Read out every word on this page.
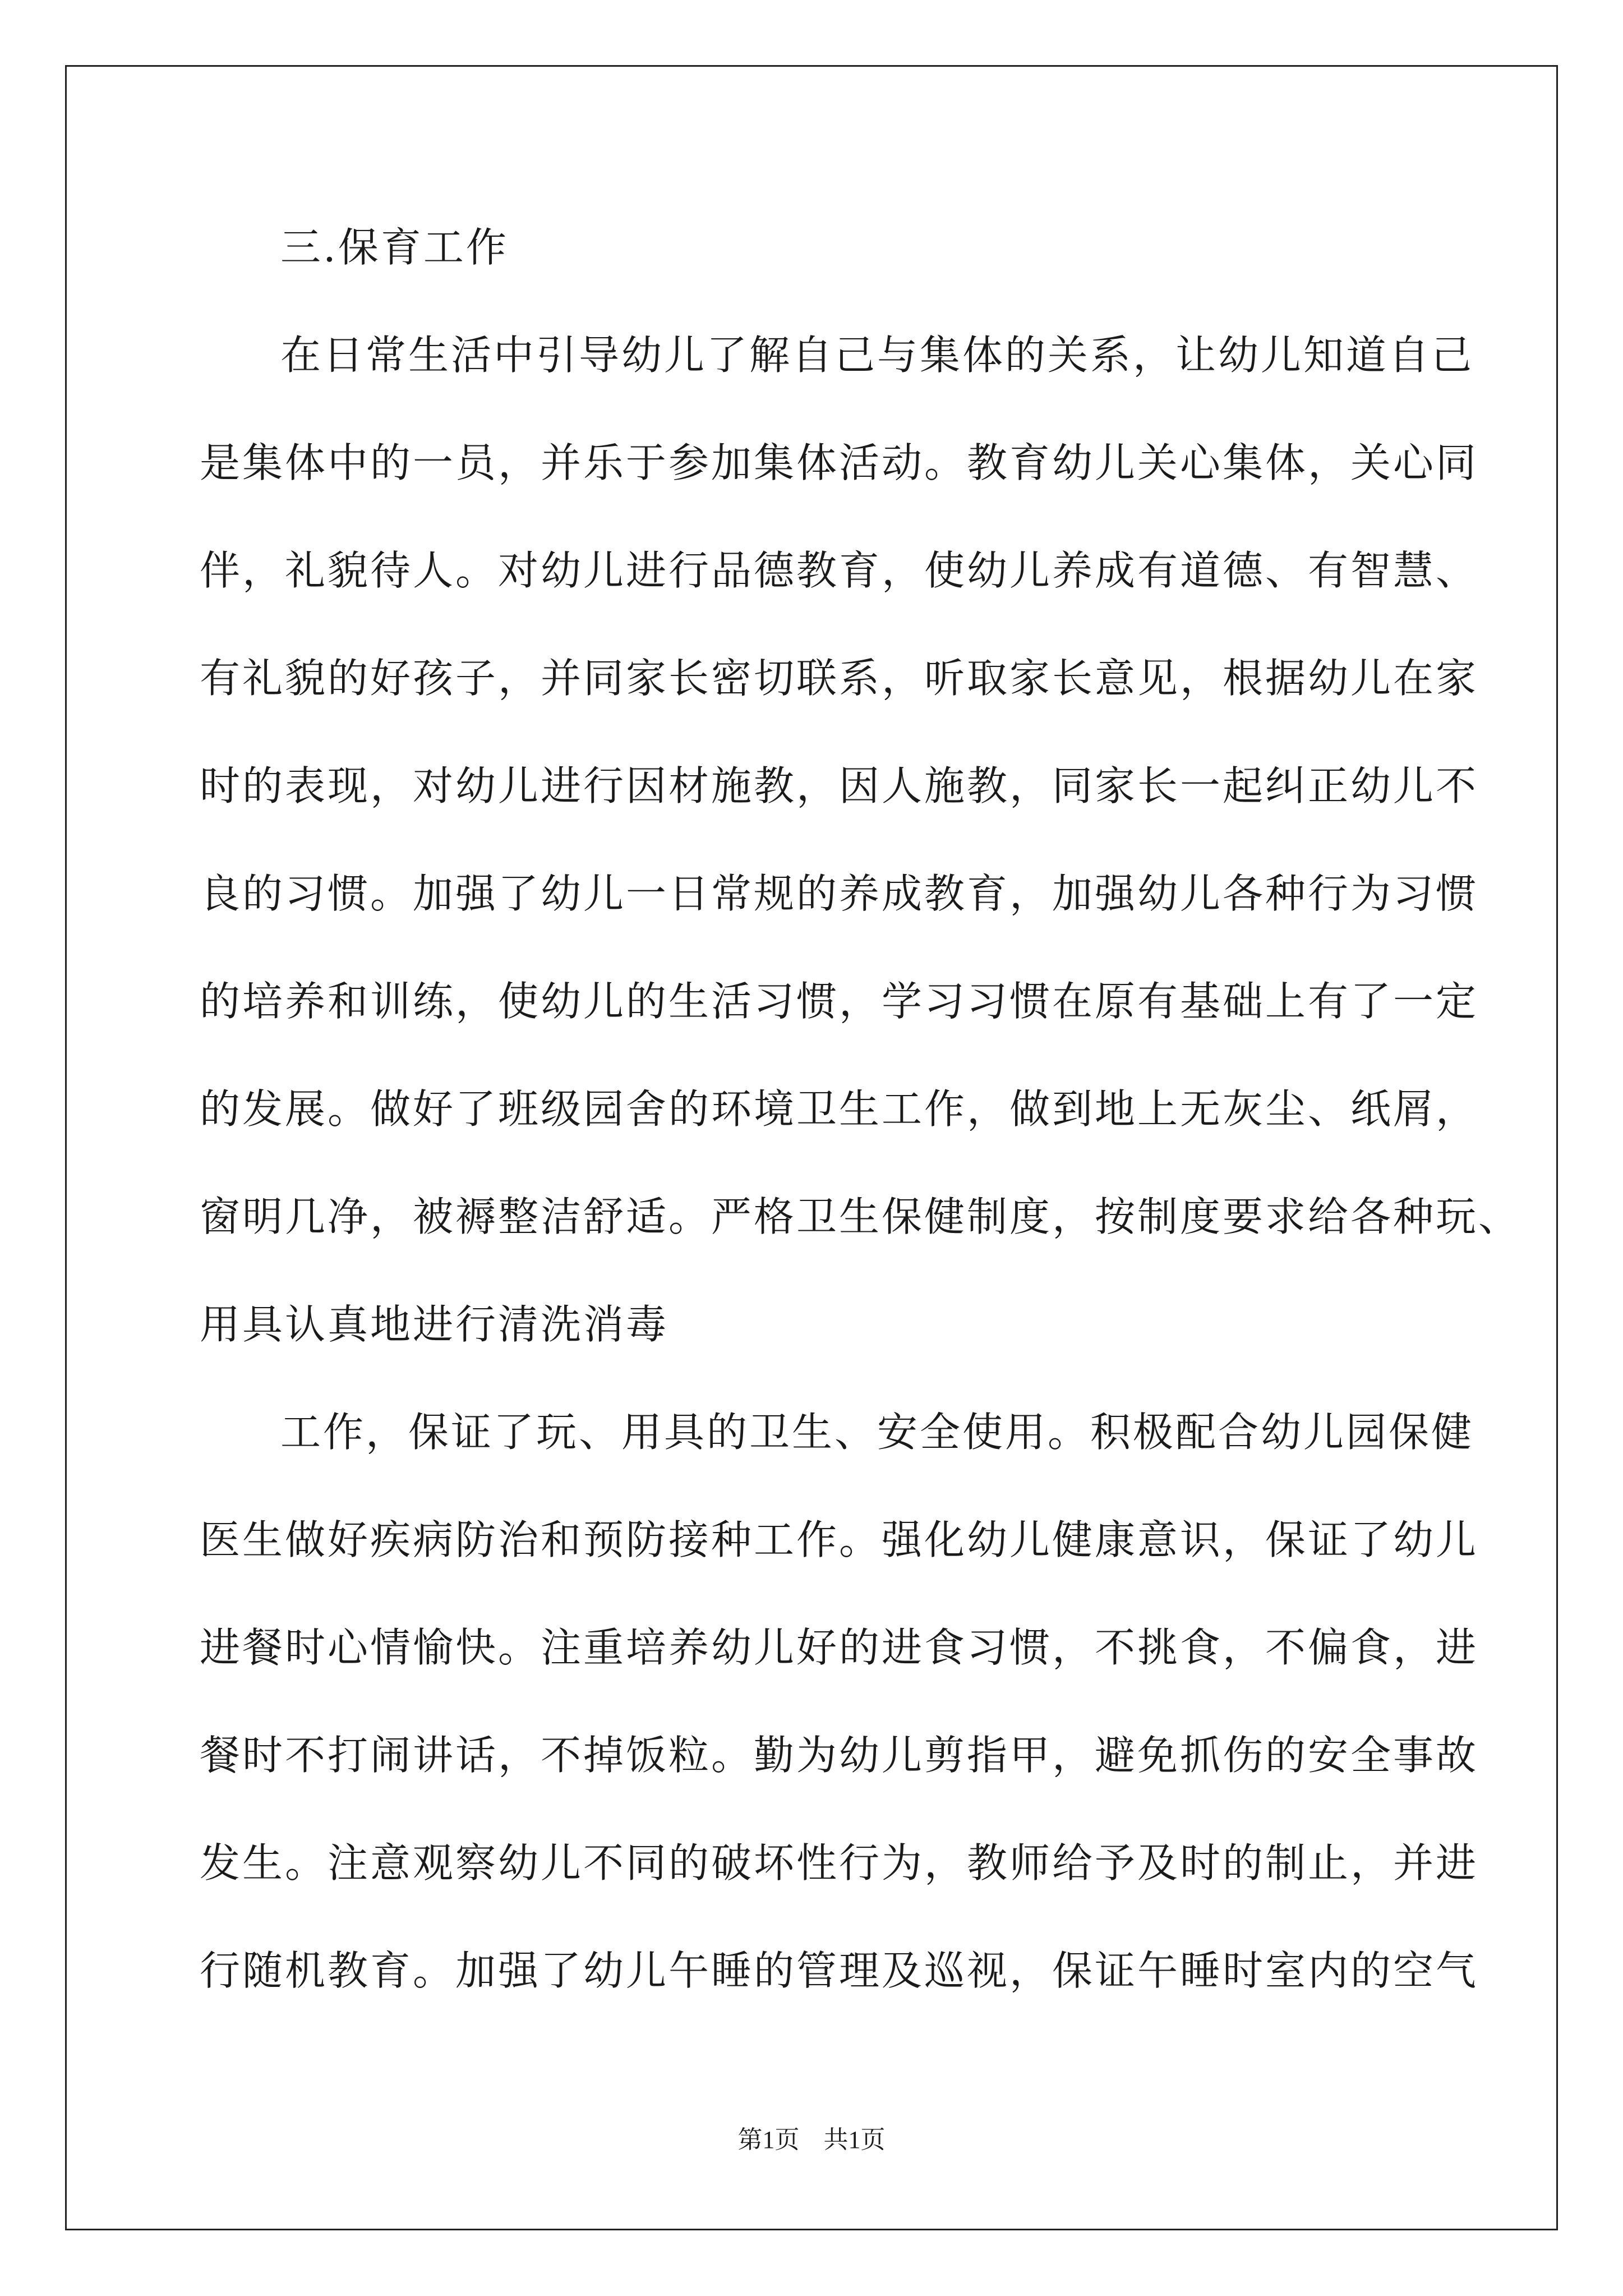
三.保育工作
在日常生活中引导幼儿了解自己与集体的关系，让幼儿知道自己
是集体中的一员，并乐于参加集体活动。教育幼儿关心集体，关心同
伴，礼貌待人。对幼儿进行品德教育，使幼儿养成有道德、有智慧、
有礼貌的好孩子，并同家长密切联系，听取家长意见，根据幼儿在家
时的表现，对幼儿进行因材施教，因人施教，同家长一起纠正幼儿不
良的习惯。加强了幼儿一日常规的养成教育，加强幼儿各种行为习惯
的培养和训练，使幼儿的生活习惯，学习习惯在原有基础上有了一定
的发展。做好了班级园舍的环境卫生工作，做到地上无灰尘、纸屑，
窗明几净，被褥整洁舒适。严格卫生保健制度，按制度要求给各种玩、
用具认真地进行清洗消毒
工作，保证了玩、用具的卫生、安全使用。积极配合幼儿园保健
医生做好疾病防治和预防接种工作。强化幼儿健康意识，保证了幼儿
进餐时心情愉快。注重培养幼儿好的进食习惯，不挑食，不偏食，进
餐时不打闹讲话，不掉饭粒。勤为幼儿剪指甲，避免抓伤的安全事故
发生。注意观察幼儿不同的破坏性行为，教师给予及时的制止，并进
行随机教育。加强了幼儿午睡的管理及巡视，保证午睡时室内的空气
第1页 共1页
